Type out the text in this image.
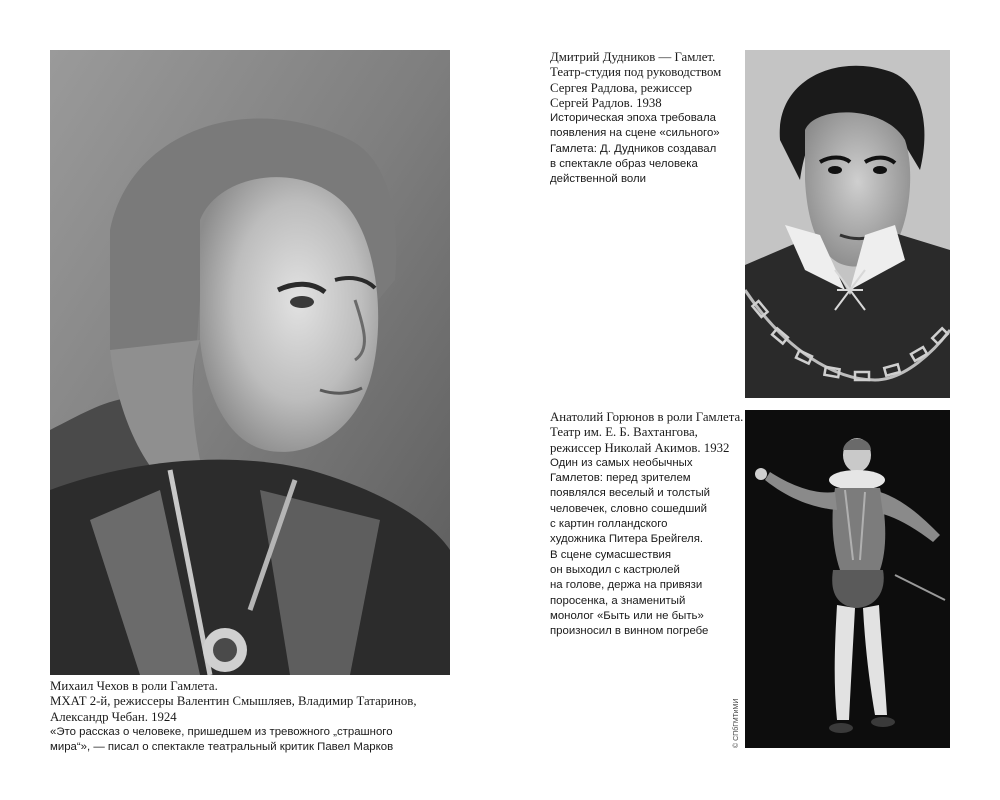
Михаил Чехов в роли Гамлета.
МХАТ 2-й, режиссеры Валентин Смышляев, Владимир Татаринов,
Александр Чебан. 1924
«Это рассказ о человеке, пришедшем из тревожного „страшного
мира“», — писал о спектакле театральный критик Павел Марков
Дмитрий Дудников — Гамлет.
Театр-студия под руководством
Сергея Радлова, режиссер
Сергей Радлов. 1938
Историческая эпоха требовала
появления на сцене «сильного»
Гамлета: Д. Дудников создавал
в спектакле образ человека
действенной воли
Анатолий Горюнов в роли Гамлета.
Театр им. Е. Б. Вахтангова,
режиссер Николай Акимов. 1932
Один из самых необычных
Гамлетов: перед зрителем
появлялся веселый и толстый
человечек, словно сошедший
с картин голландского
художника Питера Брейгеля.
В сцене сумасшествия
он выходил с кастрюлей
на голове, держа на привязи
поросенка, а знаменитый
монолог «Быть или не быть»
произносил в винном погребе
© СПбГМТиМИ
